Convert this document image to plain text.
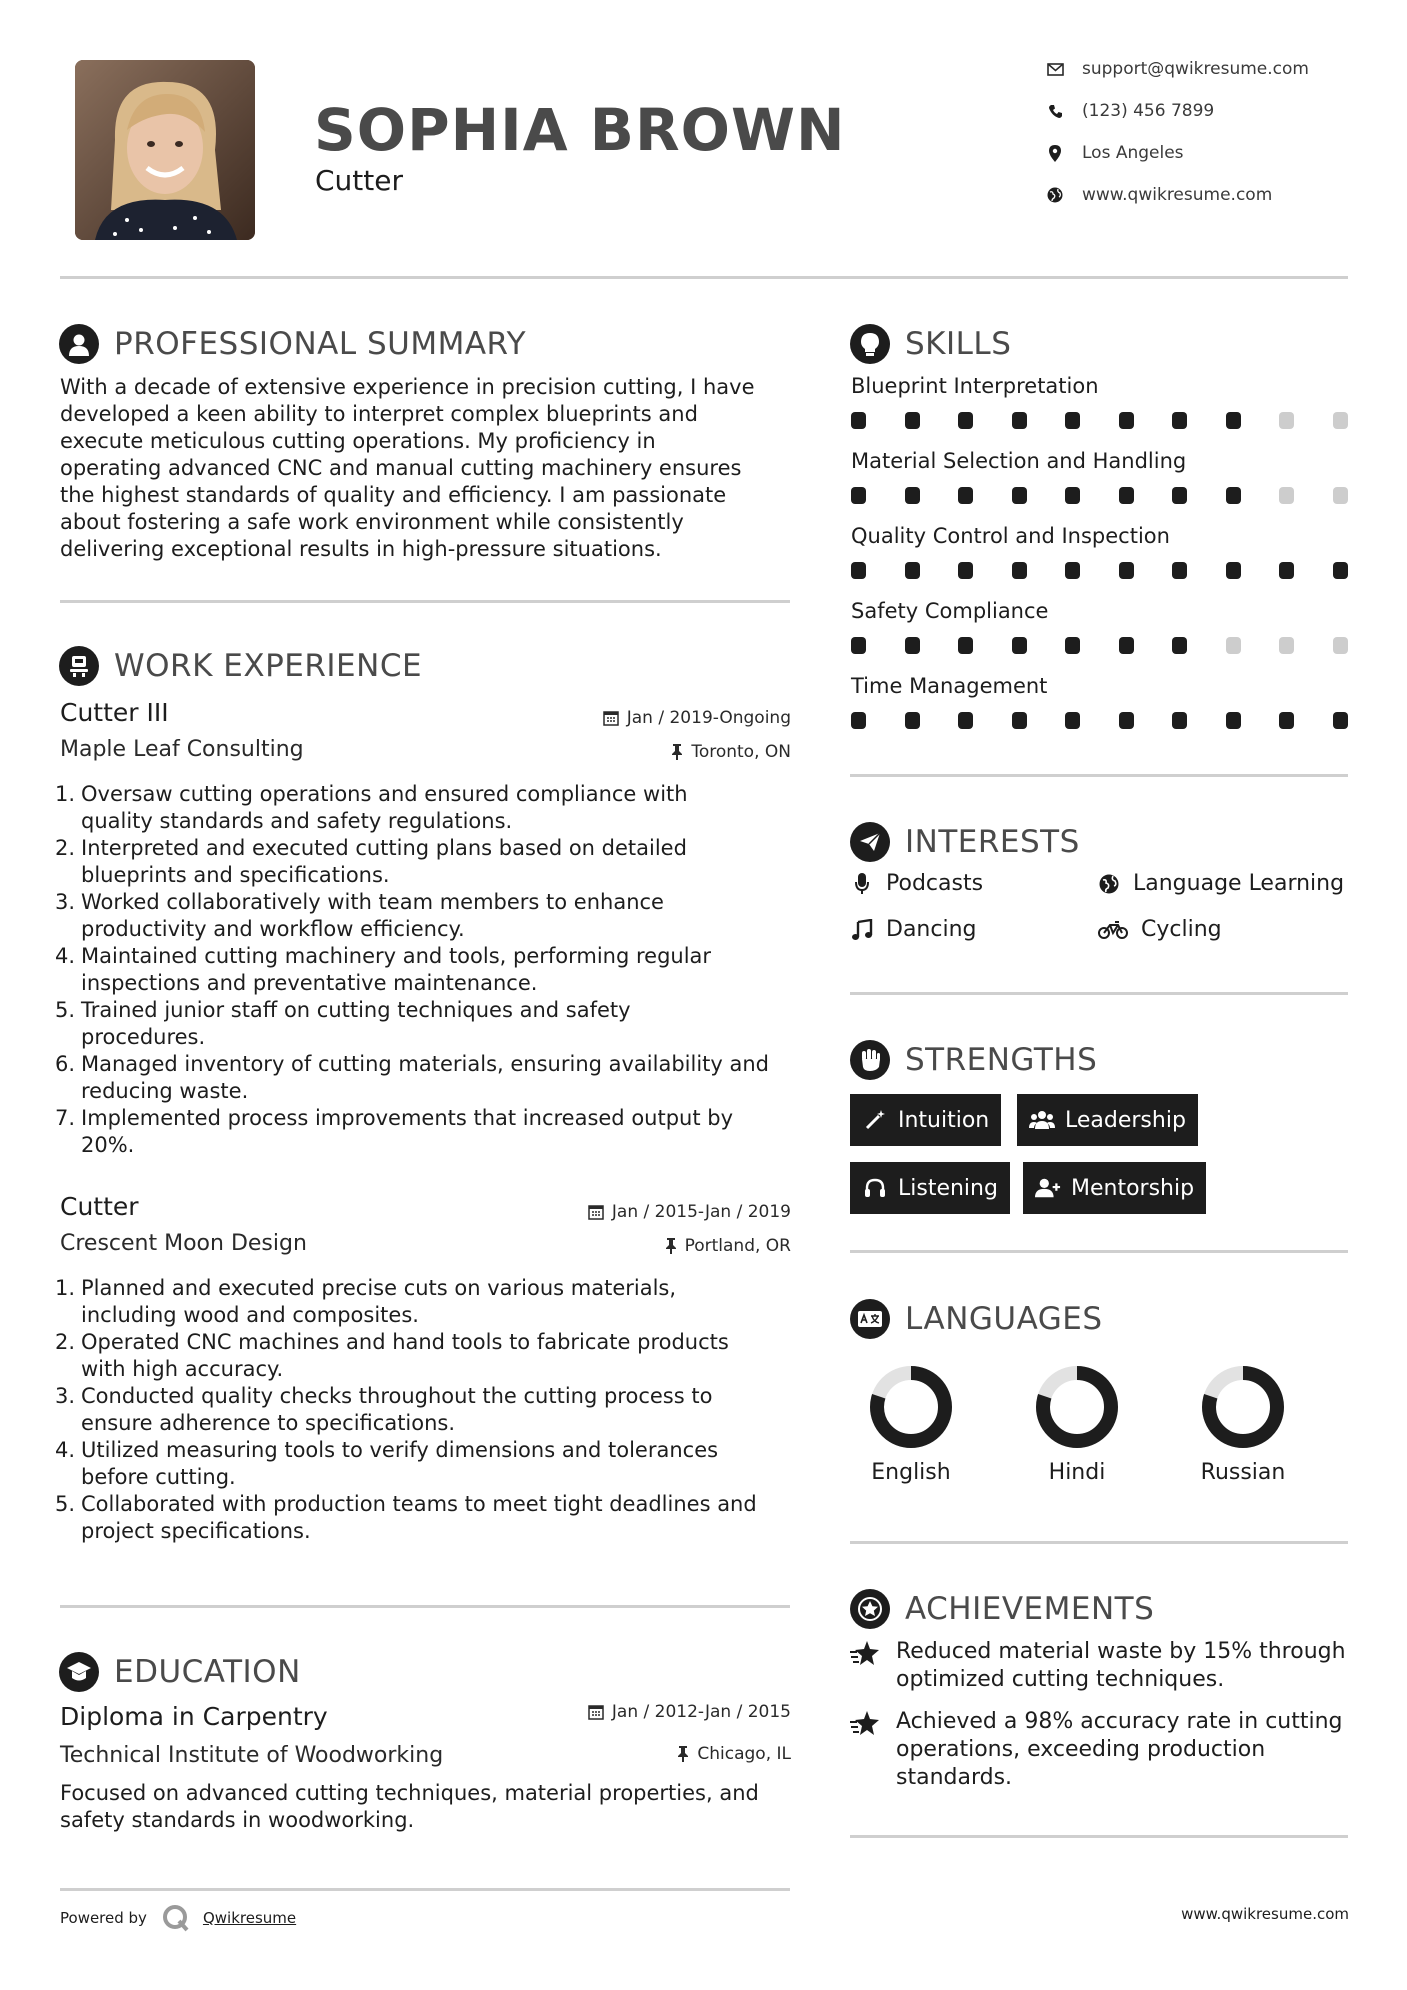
SOPHIA BROWN
Cutter
support@qwikresume.com
(123) 456 7899
Los Angeles
www.qwikresume.com
PROFESSIONAL SUMMARY
With a decade of extensive experience in precision cutting, I have
developed a keen ability to interpret complex blueprints and
execute meticulous cutting operations. My proficiency in
operating advanced CNC and manual cutting machinery ensures
the highest standards of quality and efficiency. I am passionate
about fostering a safe work environment while consistently
delivering exceptional results in high-pressure situations.
WORK EXPERIENCE
Cutter III
Maple Leaf Consulting
Jan / 2019-Ongoing
Toronto, ON
1. Oversaw cutting operations and ensured compliance with
quality standards and safety regulations.
2. Interpreted and executed cutting plans based on detailed
blueprints and specifications.
3. Worked collaboratively with team members to enhance
productivity and workflow efficiency.
4. Maintained cutting machinery and tools, performing regular
inspections and preventative maintenance.
5. Trained junior staff on cutting techniques and safety
procedures.
6. Managed inventory of cutting materials, ensuring availability and
reducing waste.
7. Implemented process improvements that increased output by
20%.
Cutter
Crescent Moon Design
Jan / 2015-Jan / 2019
Portland, OR
1. Planned and executed precise cuts on various materials,
including wood and composites.
2. Operated CNC machines and hand tools to fabricate products
with high accuracy.
3. Conducted quality checks throughout the cutting process to
ensure adherence to specifications.
4. Utilized measuring tools to verify dimensions and tolerances
before cutting.
5. Collaborated with production teams to meet tight deadlines and
project specifications.
EDUCATION
Diploma in Carpentry
Technical Institute of Woodworking
Jan / 2012-Jan / 2015
Chicago, IL
Focused on advanced cutting techniques, material properties, and
safety standards in woodworking.
SKILLS
Blueprint Interpretation
Material Selection and Handling
Quality Control and Inspection
Safety Compliance
Time Management
INTERESTS
Podcasts	Language Learning
Dancing	Cycling
STRENGTHS
Intuition	Leadership
Listening	Mentorship
LANGUAGES
English	Hindi	Russian
ACHIEVEMENTS
Reduced material waste by 15% through
optimized cutting techniques.
Achieved a 98% accuracy rate in cutting
operations, exceeding production
standards.
Powered by	Qwikresume	www.qwikresume.com
